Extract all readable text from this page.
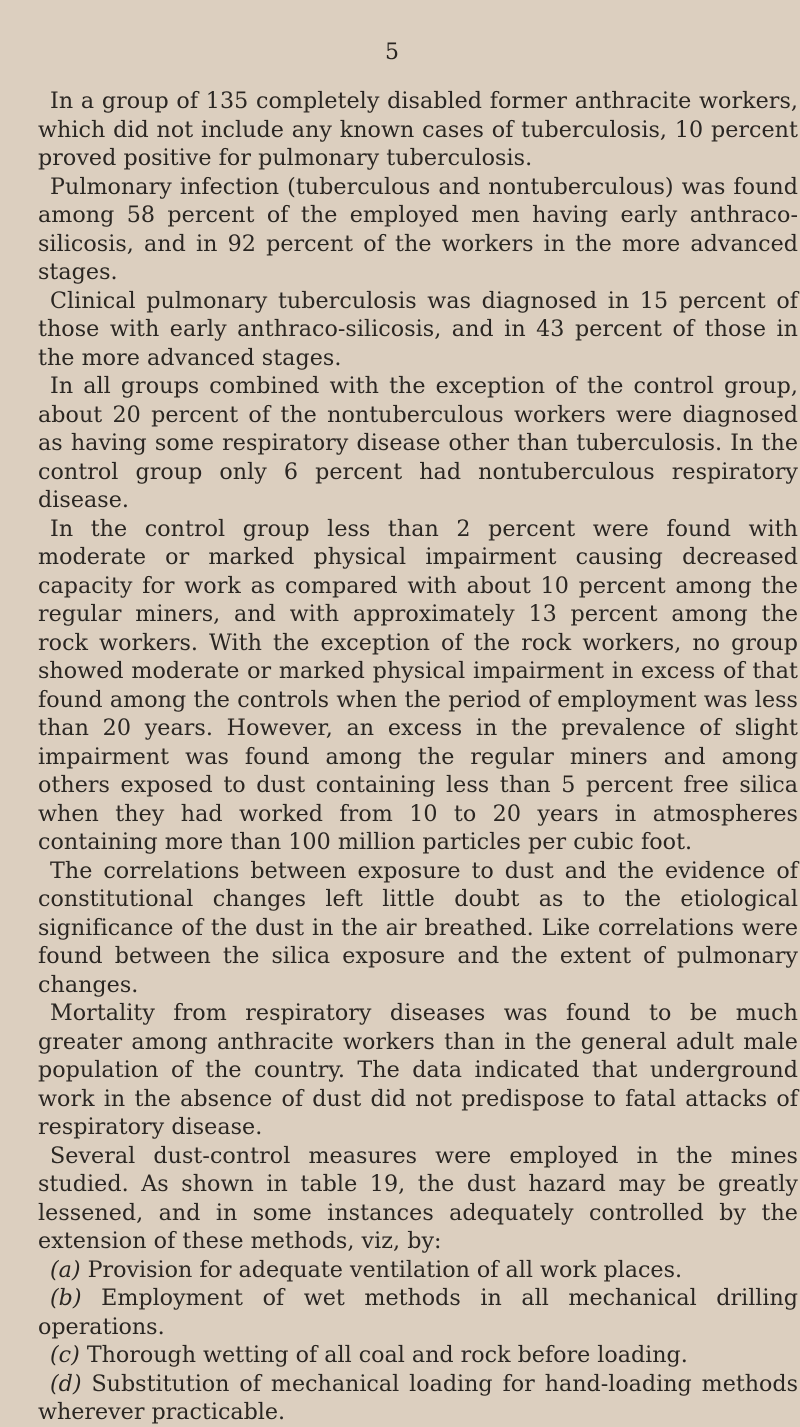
5

In a group of 135 completely disabled former anthracite workers, which did not include any known cases of tuberculosis, 10 percent proved positive for pulmonary tuberculosis.

Pulmonary infection (tuberculous and nontuberculous) was found among 58 percent of the employed men having early anthraco-silicosis, and in 92 percent of the workers in the more advanced stages.

Clinical pulmonary tuberculosis was diagnosed in 15 percent of those with early anthraco-silicosis, and in 43 percent of those in the more advanced stages.

In all groups combined with the exception of the control group, about 20 percent of the nontuberculous workers were diagnosed as having some respiratory disease other than tuberculosis. In the control group only 6 percent had nontuberculous respiratory disease.

In the control group less than 2 percent were found with moderate or marked physical impairment causing decreased capacity for work as compared with about 10 percent among the regular miners, and with approximately 13 percent among the rock workers. With the exception of the rock workers, no group showed moderate or marked physical impairment in excess of that found among the controls when the period of employment was less than 20 years. However, an excess in the prevalence of slight impairment was found among the regular miners and among others exposed to dust containing less than 5 percent free silica when they had worked from 10 to 20 years in atmospheres containing more than 100 million particles per cubic foot.

The correlations between exposure to dust and the evidence of constitutional changes left little doubt as to the etiological significance of the dust in the air breathed. Like correlations were found between the silica exposure and the extent of pulmonary changes.

Mortality from respiratory diseases was found to be much greater among anthracite workers than in the general adult male population of the country. The data indicated that underground work in the absence of dust did not predispose to fatal attacks of respiratory disease.

Several dust-control measures were employed in the mines studied. As shown in table 19, the dust hazard may be greatly lessened, and in some instances adequately controlled by the extension of these methods, viz, by:

(a) Provision for adequate ventilation of all work places.

(b) Employment of wet methods in all mechanical drilling operations.

(c) Thorough wetting of all coal and rock before loading.

(d) Substitution of mechanical loading for hand-loading methods wherever practicable.
